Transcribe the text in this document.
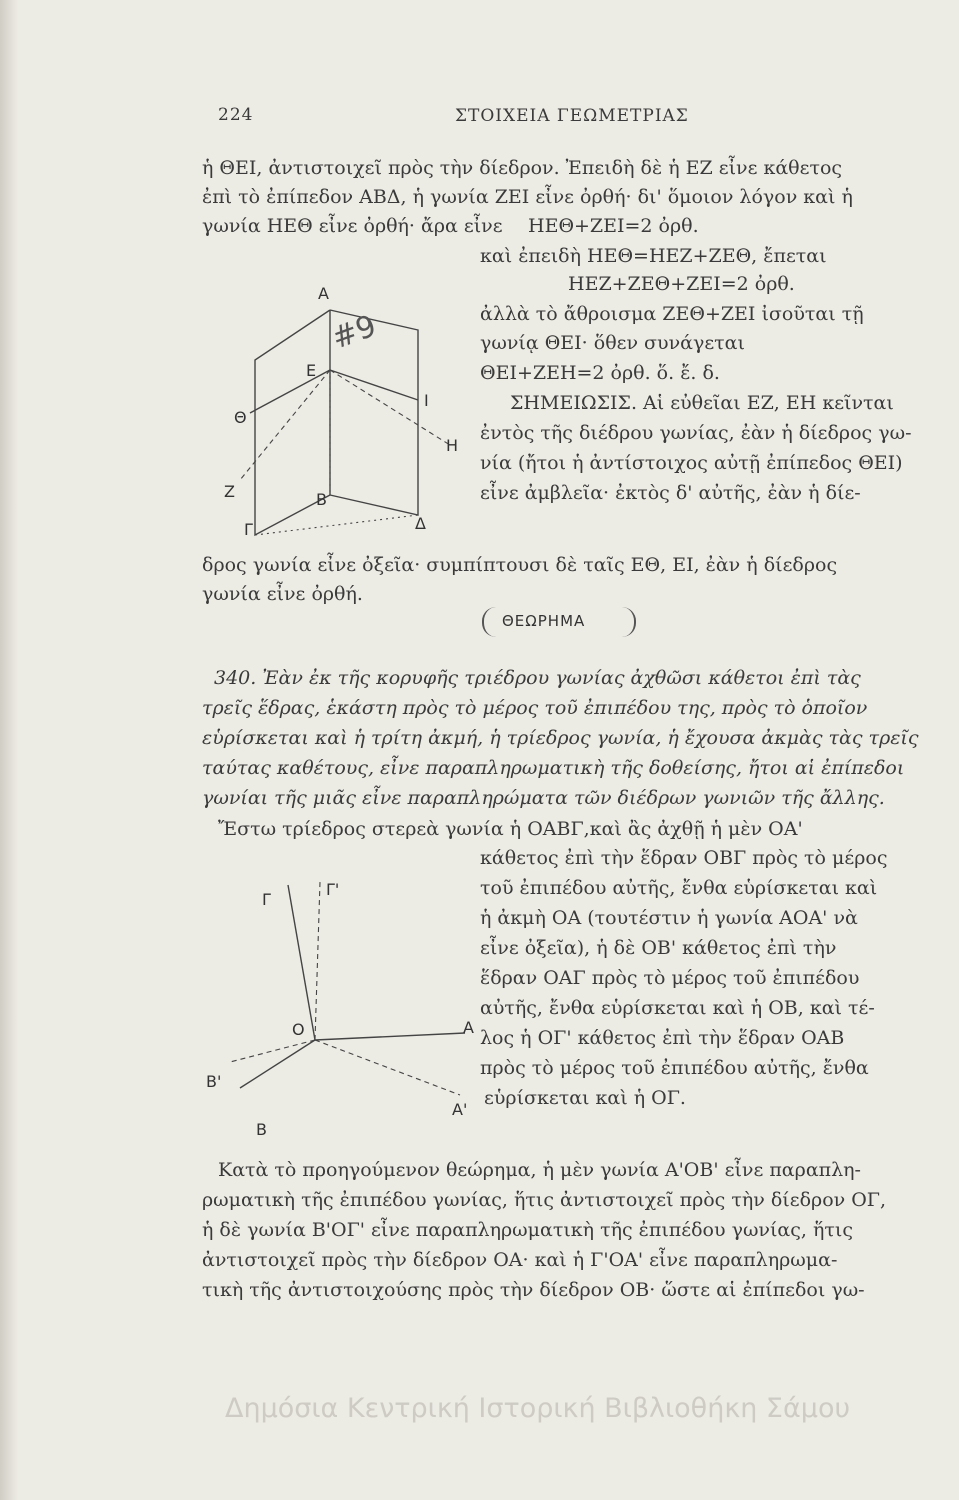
224	ΣΤΟΙΧΕΙΑ ΓΕΩΜΕΤΡΙΑΣ
ἡ ΘΕΙ, ἀντιστοιχεῖ πρὸς τὴν δίεδρον. Ἐπειδὴ δὲ ἡ ΕΖ εἶνε κάθετος
ἐπὶ τὸ ἐπίπεδον ΑΒΔ, ἡ γωνία ΖΕΙ εἶνε ὀρθή· δι' ὅμοιον λόγον καὶ ἡ
γωνία ΗΕΘ εἶνε ὀρθή· ἄρα εἶνε ΗΕΘ+ΖΕΙ=2 ὀρθ.
καὶ ἐπειδὴ ΗΕΘ=ΗΕΖ+ΖΕΘ, ἔπεται
ΗΕΖ+ΖΕΘ+ΖΕΙ=2 ὀρθ.
ἀλλὰ τὸ ἄθροισμα ΖΕΘ+ΖΕΙ ἰσοῦται τῇ
γωνίᾳ ΘΕΙ· ὅθεν συνάγεται
ΘΕΙ+ΖΕΗ=2 ὀρθ. ὅ. ἔ. δ.
ΣΗΜΕΙΩΣΙΣ. Αἱ εὐθεῖαι ΕΖ, ΕΗ κεῖνται
ἐντὸς τῆς διέδρου γωνίας, ἐὰν ἡ δίεδρος γω-
νία (ἤτοι ἡ ἀντίστοιχος αὐτῇ ἐπίπεδος ΘΕΙ)
εἶνε ἀμβλεῖα· ἐκτὸς δ' αὐτῆς, ἐὰν ἡ δίε-
Α
Ε
Ι
Θ
Η
Ζ	Β
Γ	Δ
#9
δρος γωνία εἶνε ὀξεῖα· συμπίπτουσι δὲ ταῖς ΕΘ, ΕΙ, ἐὰν ἡ δίεδρος
γωνία εἶνε ὀρθή.
ΘΕΩΡΗΜΑ
340. Ἐὰν ἐκ τῆς κορυφῆς τριέδρου γωνίας ἀχθῶσι κάθετοι ἐπὶ τὰς
τρεῖς ἕδρας, ἑκάστη πρὸς τὸ μέρος τοῦ ἐπιπέδου της, πρὸς τὸ ὁποῖον
εὑρίσκεται καὶ ἡ τρίτη ἀκμή, ἡ τρίεδρος γωνία, ἡ ἔχουσα ἀκμὰς τὰς τρεῖς
ταύτας καθέτους, εἶνε παραπληρωματικὴ τῆς δοθείσης, ἤτοι αἱ ἐπίπεδοι
γωνίαι τῆς μιᾶς εἶνε παραπληρώματα τῶν διέδρων γωνιῶν τῆς ἄλλης.
Ἔστω τρίεδρος στερεὰ γωνία ἡ ΟΑΒΓ,καὶ ἂς ἀχθῇ ἡ μὲν ΟΑ'
κάθετος ἐπὶ τὴν ἕδραν ΟΒΓ πρὸς τὸ μέρος
τοῦ ἐπιπέδου αὐτῆς, ἔνθα εὑρίσκεται καὶ
ἡ ἀκμὴ ΟΑ (τουτέστιν ἡ γωνία ΑΟΑ' νὰ
εἶνε ὀξεῖα), ἡ δὲ ΟΒ' κάθετος ἐπὶ τὴν
ἕδραν ΟΑΓ πρὸς τὸ μέρος τοῦ ἐπιπέδου
αὐτῆς, ἔνθα εὑρίσκεται καὶ ἡ ΟΒ, καὶ τέ-
λος ἡ ΟΓ' κάθετος ἐπὶ τὴν ἕδραν ΟΑΒ
πρὸς τὸ μέρος τοῦ ἐπιπέδου αὐτῆς, ἔνθα
εὑρίσκεται καὶ ἡ ΟΓ.
Γ
Γ'
Ο	Α
Β'
Α'
Β
Κατὰ τὸ προηγούμενον θεώρημα, ἡ μὲν γωνία Α'ΟΒ' εἶνε παραπλη-
ρωματικὴ τῆς ἐπιπέδου γωνίας, ἥτις ἀντιστοιχεῖ πρὸς τὴν δίεδρον ΟΓ,
ἡ δὲ γωνία Β'ΟΓ' εἶνε παραπληρωματικὴ τῆς ἐπιπέδου γωνίας, ἥτις
ἀντιστοιχεῖ πρὸς τὴν δίεδρον ΟΑ· καὶ ἡ Γ'ΟΑ' εἶνε παραπληρωμα-
τικὴ τῆς ἀντιστοιχούσης πρὸς τὴν δίεδρον ΟΒ· ὥστε αἱ ἐπίπεδοι γω-
Δημόσια Κεντρική Ιστορική Βιβλιοθήκη Σάμου
